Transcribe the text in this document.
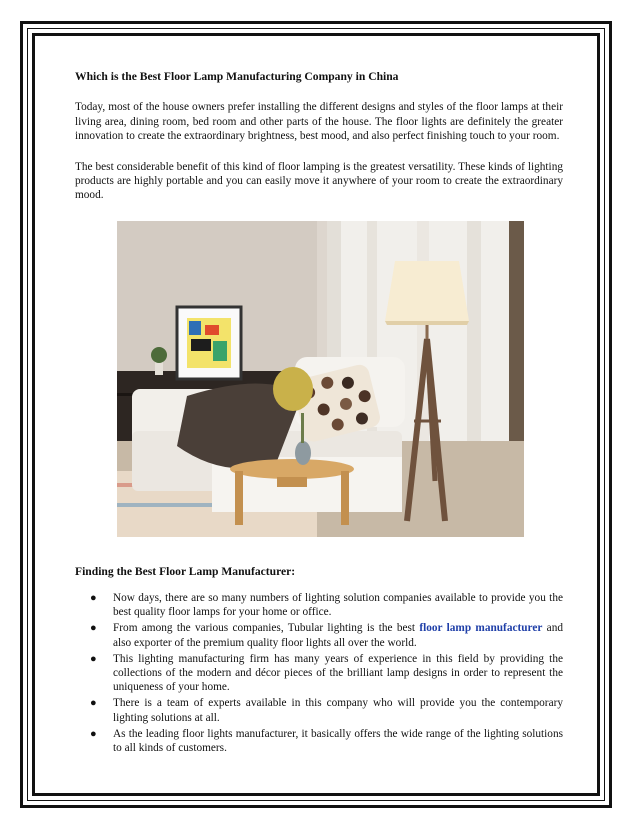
Which is the Best Floor Lamp Manufacturing Company in China

Today, most of the house owners prefer installing the different designs and styles of the floor lamps at their living area, dining room, bed room and other parts of the house. The floor lights are definitely the greater innovation to create the extraordinary brightness, best mood, and also perfect finishing touch to your room.

The best considerable benefit of this kind of floor lamping is the greatest versatility. These kinds of lighting products are highly portable and you can easily move it anywhere of your room to create the extraordinary mood.

Finding the Best Floor Lamp Manufacturer:
● Now days, there are so many numbers of lighting solution companies available to provide you the best quality floor lamps for your home or office.
● From among the various companies, Tubular lighting is the best floor lamp manufacturer and also exporter of the premium quality floor lights all over the world.
● This lighting manufacturing firm has many years of experience in this field by providing the collections of the modern and décor pieces of the brilliant lamp designs in order to represent the uniqueness of your home.
● There is a team of experts available in this company who will provide you the contemporary lighting solutions at all.
● As the leading floor lights manufacturer, it basically offers the wide range of the lighting solutions to all kinds of customers.
